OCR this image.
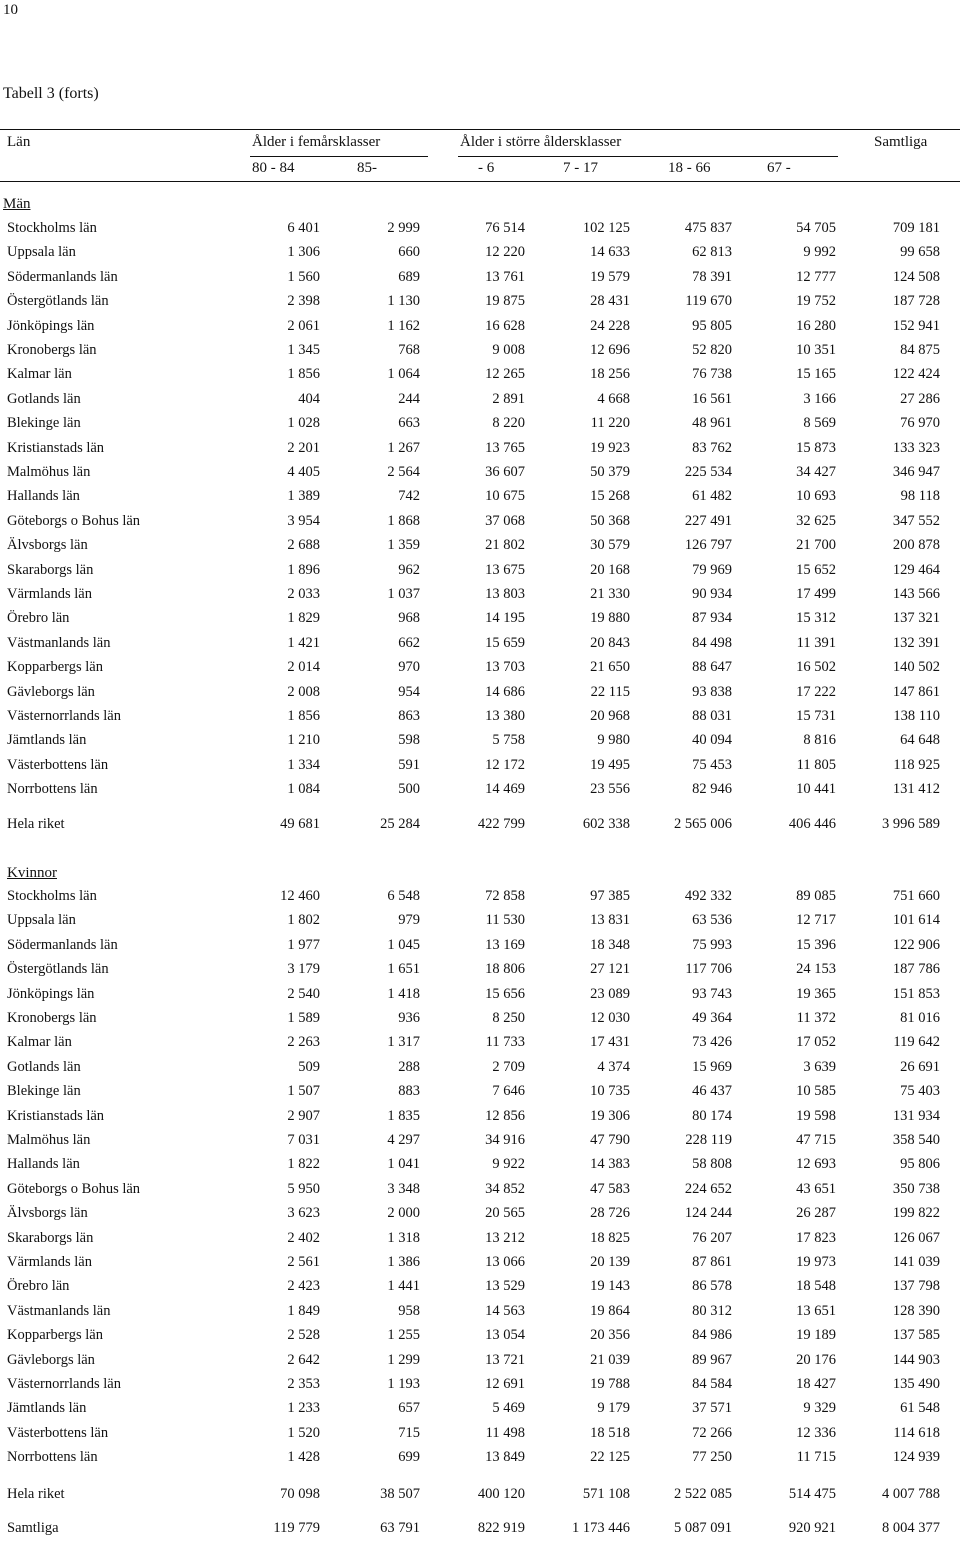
10
Tabell 3 (forts)
Län	Ålder i femårsklasser	Ålder i större åldersklasser	Samtliga
80 - 84	85-	- 6	7 - 17	18 - 66	67 -
Män
Kvinnor
Stockholms län	6 401	2 999	76 514	102 125	475 837	54 705	709 181
Uppsala län	1 306	660	12 220	14 633	62 813	9 992	99 658
Södermanlands län	1 560	689	13 761	19 579	78 391	12 777	124 508
Östergötlands län	2 398	1 130	19 875	28 431	119 670	19 752	187 728
Jönköpings län	2 061	1 162	16 628	24 228	95 805	16 280	152 941
Kronobergs län	1 345	768	9 008	12 696	52 820	10 351	84 875
Kalmar län	1 856	1 064	12 265	18 256	76 738	15 165	122 424
Gotlands län	404	244	2 891	4 668	16 561	3 166	27 286
Blekinge län	1 028	663	8 220	11 220	48 961	8 569	76 970
Kristianstads län	2 201	1 267	13 765	19 923	83 762	15 873	133 323
Malmöhus län	4 405	2 564	36 607	50 379	225 534	34 427	346 947
Hallands län	1 389	742	10 675	15 268	61 482	10 693	98 118
Göteborgs o Bohus län	3 954	1 868	37 068	50 368	227 491	32 625	347 552
Älvsborgs län	2 688	1 359	21 802	30 579	126 797	21 700	200 878
Skaraborgs län	1 896	962	13 675	20 168	79 969	15 652	129 464
Värmlands län	2 033	1 037	13 803	21 330	90 934	17 499	143 566
Örebro län	1 829	968	14 195	19 880	87 934	15 312	137 321
Västmanlands län	1 421	662	15 659	20 843	84 498	11 391	132 391
Kopparbergs län	2 014	970	13 703	21 650	88 647	16 502	140 502
Gävleborgs län	2 008	954	14 686	22 115	93 838	17 222	147 861
Västernorrlands län	1 856	863	13 380	20 968	88 031	15 731	138 110
Jämtlands län	1 210	598	5 758	9 980	40 094	8 816	64 648
Västerbottens län	1 334	591	12 172	19 495	75 453	11 805	118 925
Norrbottens län	1 084	500	14 469	23 556	82 946	10 441	131 412
Hela riket	49 681	25 284	422 799	602 338	2 565 006	406 446	3 996 589
Stockholms län	12 460	6 548	72 858	97 385	492 332	89 085	751 660
Uppsala län	1 802	979	11 530	13 831	63 536	12 717	101 614
Södermanlands län	1 977	1 045	13 169	18 348	75 993	15 396	122 906
Östergötlands län	3 179	1 651	18 806	27 121	117 706	24 153	187 786
Jönköpings län	2 540	1 418	15 656	23 089	93 743	19 365	151 853
Kronobergs län	1 589	936	8 250	12 030	49 364	11 372	81 016
Kalmar län	2 263	1 317	11 733	17 431	73 426	17 052	119 642
Gotlands län	509	288	2 709	4 374	15 969	3 639	26 691
Blekinge län	1 507	883	7 646	10 735	46 437	10 585	75 403
Kristianstads län	2 907	1 835	12 856	19 306	80 174	19 598	131 934
Malmöhus län	7 031	4 297	34 916	47 790	228 119	47 715	358 540
Hallands län	1 822	1 041	9 922	14 383	58 808	12 693	95 806
Göteborgs o Bohus län	5 950	3 348	34 852	47 583	224 652	43 651	350 738
Älvsborgs län	3 623	2 000	20 565	28 726	124 244	26 287	199 822
Skaraborgs län	2 402	1 318	13 212	18 825	76 207	17 823	126 067
Värmlands län	2 561	1 386	13 066	20 139	87 861	19 973	141 039
Örebro län	2 423	1 441	13 529	19 143	86 578	18 548	137 798
Västmanlands län	1 849	958	14 563	19 864	80 312	13 651	128 390
Kopparbergs län	2 528	1 255	13 054	20 356	84 986	19 189	137 585
Gävleborgs län	2 642	1 299	13 721	21 039	89 967	20 176	144 903
Västernorrlands län	2 353	1 193	12 691	19 788	84 584	18 427	135 490
Jämtlands län	1 233	657	5 469	9 179	37 571	9 329	61 548
Västerbottens län	1 520	715	11 498	18 518	72 266	12 336	114 618
Norrbottens län	1 428	699	13 849	22 125	77 250	11 715	124 939
Hela riket	70 098	38 507	400 120	571 108	2 522 085	514 475	4 007 788
Samtliga	119 779	63 791	822 919	1 173 446	5 087 091	920 921	8 004 377
